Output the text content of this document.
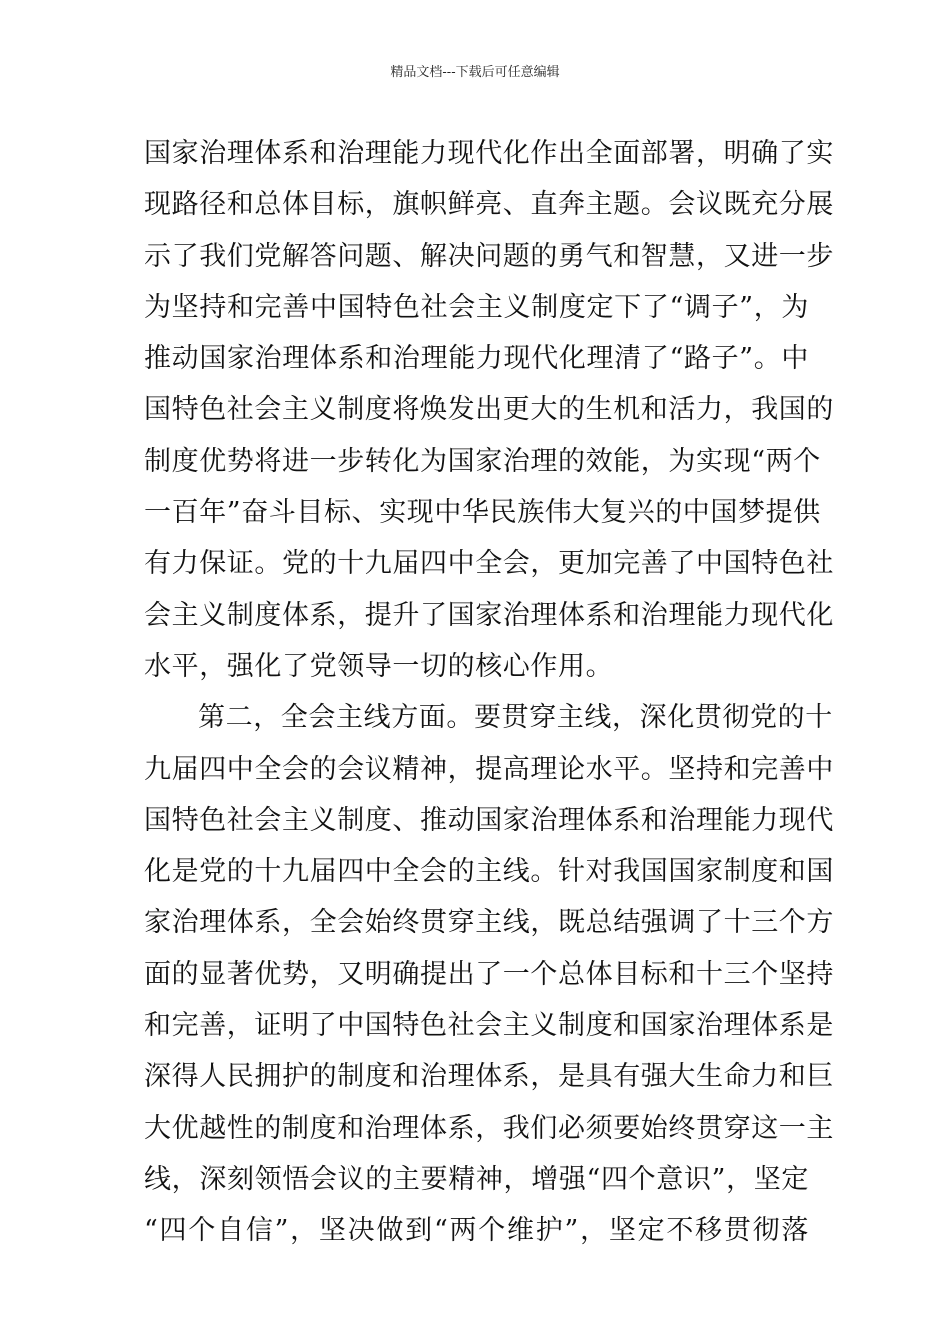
精品文档---下载后可任意编辑
国家治理体系和治理能力现代化作出全面部署，明确了实
现路径和总体目标，旗帜鲜亮、直奔主题。会议既充分展
示了我们党解答问题、解决问题的勇气和智慧，又进一步
为坚持和完善中国特色社会主义制度定下了“调子”，为
推动国家治理体系和治理能力现代化理清了“路子”。中
国特色社会主义制度将焕发出更大的生机和活力，我国的
制度优势将进一步转化为国家治理的效能，为实现“两个
一百年”奋斗目标、实现中华民族伟大复兴的中国梦提供
有力保证。党的十九届四中全会，更加完善了中国特色社
会主义制度体系，提升了国家治理体系和治理能力现代化
水平，强化了党领导一切的核心作用。
第二，全会主线方面。要贯穿主线，深化贯彻党的十
九届四中全会的会议精神，提高理论水平。坚持和完善中
国特色社会主义制度、推动国家治理体系和治理能力现代
化是党的十九届四中全会的主线。针对我国国家制度和国
家治理体系，全会始终贯穿主线，既总结强调了十三个方
面的显著优势，又明确提出了一个总体目标和十三个坚持
和完善，证明了中国特色社会主义制度和国家治理体系是
深得人民拥护的制度和治理体系，是具有强大生命力和巨
大优越性的制度和治理体系，我们必须要始终贯穿这一主
线，深刻领悟会议的主要精神，增强“四个意识”，坚定
“四个自信”，坚决做到“两个维护”，坚定不移贯彻落
